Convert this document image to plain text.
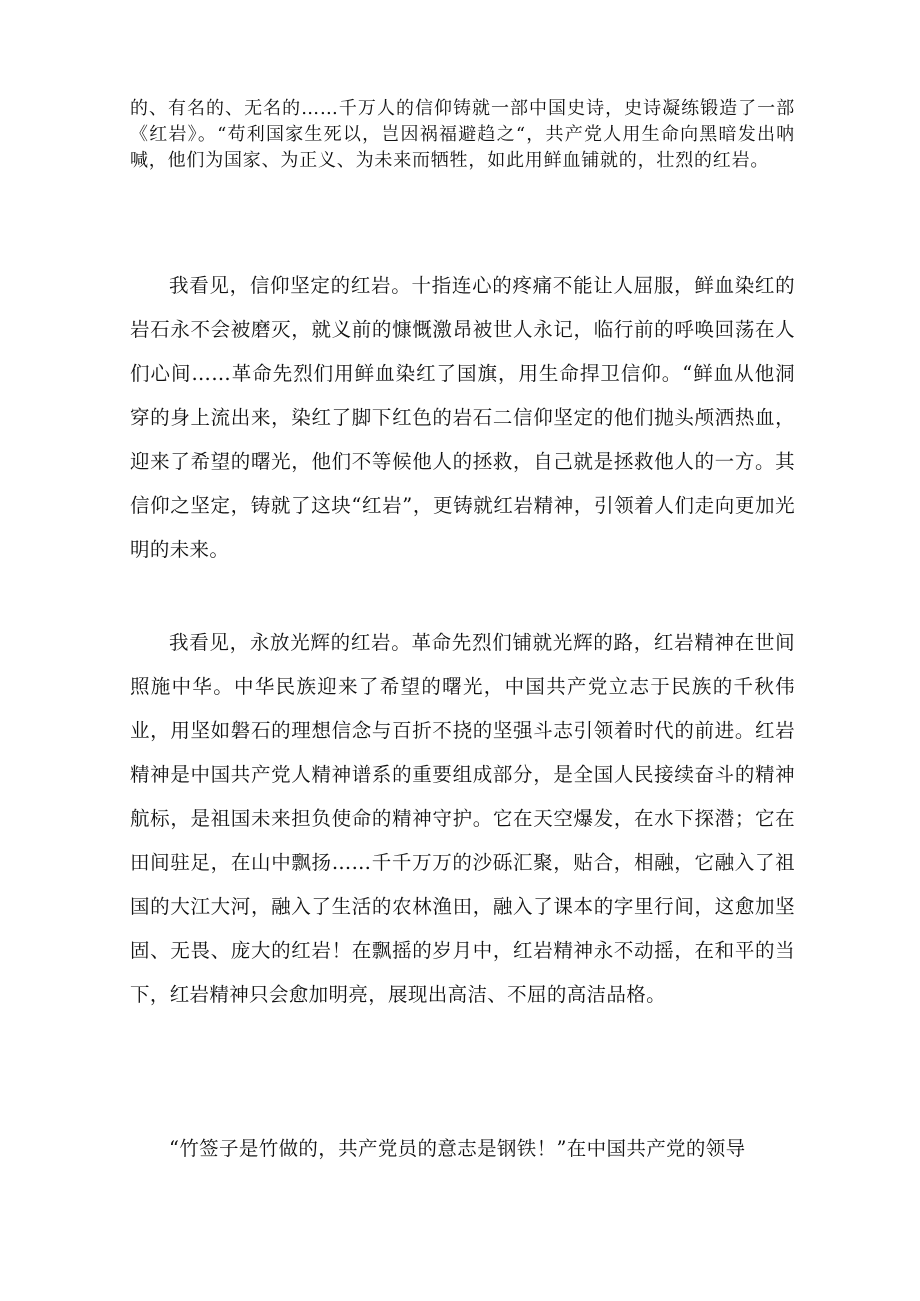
的、有名的、无名的……千万人的信仰铸就一部中国史诗，史诗凝练锻造了一部《红岩》。“苟利国家生死以，岂因祸福避趋之“，共产党人用生命向黑暗发出呐喊，他们为国家、为正义、为未来而牺牲，如此用鲜血铺就的，壮烈的红岩。

我看见，信仰坚定的红岩。十指连心的疼痛不能让人屈服，鲜血染红的岩石永不会被磨灭，就义前的慷慨激昂被世人永记，临行前的呼唤回荡在人们心间……革命先烈们用鲜血染红了国旗，用生命捍卫信仰。“鲜血从他洞穿的身上流出来，染红了脚下红色的岩石二信仰坚定的他们抛头颅洒热血，迎来了希望的曙光，他们不等候他人的拯救，自己就是拯救他人的一方。其信仰之坚定，铸就了这块“红岩”，更铸就红岩精神，引领着人们走向更加光明的未来。

我看见，永放光辉的红岩。革命先烈们铺就光辉的路，红岩精神在世间照施中华。中华民族迎来了希望的曙光，中国共产党立志于民族的千秋伟业，用坚如磐石的理想信念与百折不挠的坚强斗志引领着时代的前进。红岩精神是中国共产党人精神谱系的重要组成部分，是全国人民接续奋斗的精神航标，是祖国未来担负使命的精神守护。它在天空爆发，在水下探潜；它在田间驻足，在山中飘扬……千千万万的沙砾汇聚，贴合，相融，它融入了祖国的大江大河，融入了生活的农林渔田，融入了课本的字里行间，这愈加坚固、无畏、庞大的红岩！在飘摇的岁月中，红岩精神永不动摇，在和平的当下，红岩精神只会愈加明亮，展现出高洁、不屈的高洁品格。

“竹签子是竹做的，共产党员的意志是钢铁！”在中国共产党的领导
